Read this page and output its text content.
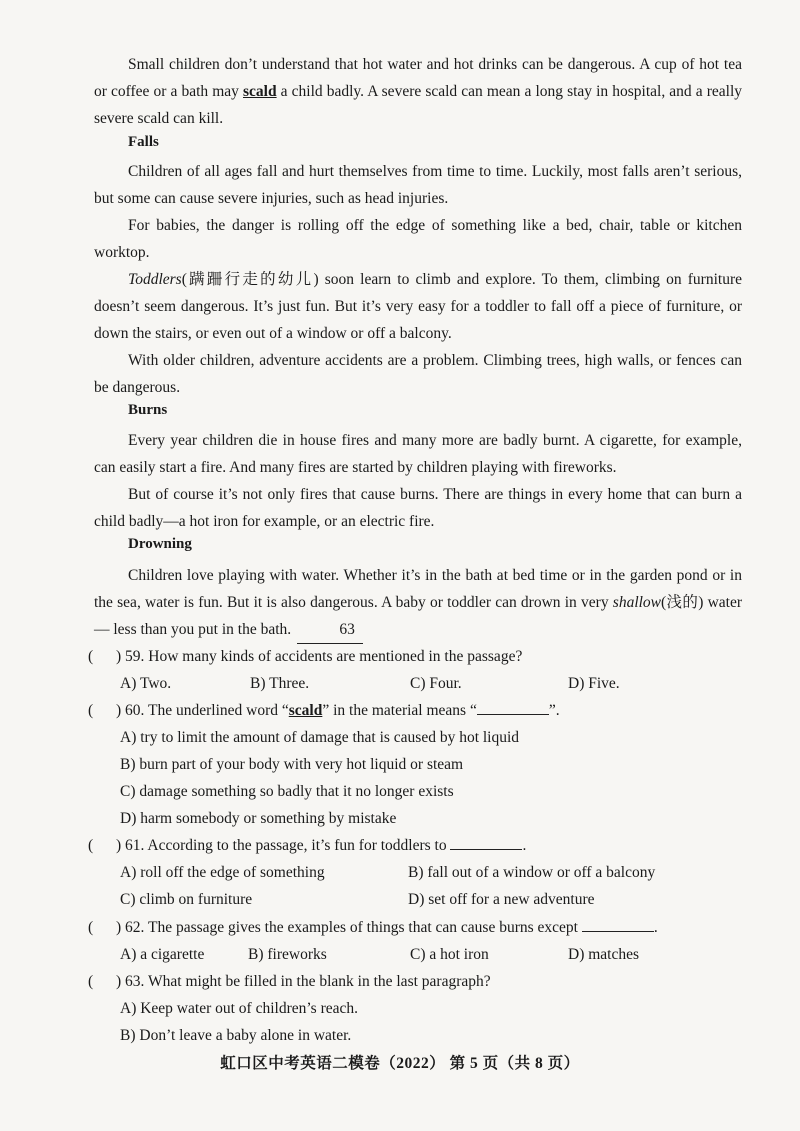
Small children don’t understand that hot water and hot drinks can be dangerous. A cup of hot tea or coffee or a bath may scald a child badly. A severe scald can mean a long stay in hospital, and a really severe scald can kill.

Falls

Children of all ages fall and hurt themselves from time to time. Luckily, most falls aren’t serious, but some can cause severe injuries, such as head injuries.

For babies, the danger is rolling off the edge of something like a bed, chair, table or kitchen worktop.

Toddlers(蹒跚行走的幼儿) soon learn to climb and explore. To them, climbing on furniture doesn’t seem dangerous. It’s just fun. But it’s very easy for a toddler to fall off a piece of furniture, or down the stairs, or even out of a window or off a balcony.

With older children, adventure accidents are a problem. Climbing trees, high walls, or fences can be dangerous.

Burns

Every year children die in house fires and many more are badly burnt. A cigarette, for example, can easily start a fire. And many fires are started by children playing with fireworks.

But of course it’s not only fires that cause burns. There are things in every home that can burn a child badly—a hot iron for example, or an electric fire.

Drowning

Children love playing with water. Whether it’s in the bath at bed time or in the garden pond or in the sea, water is fun. But it is also dangerous. A baby or toddler can drown in very shallow(浅的) water — less than you put in the bath.	63

( ) 59. How many kinds of accidents are mentioned in the passage?

A) Two.	B) Three.	C) Four.	D) Five.

( ) 60. The underlined word “scald” in the material means “	”.

A) try to limit the amount of damage that is caused by hot liquid

B) burn part of your body with very hot liquid or steam

C) damage something so badly that it no longer exists

D) harm somebody or something by mistake

( ) 61. According to the passage, it’s fun for toddlers to	.

A) roll off the edge of something	B) fall out of a window or off a balcony

C) climb on furniture	D) set off for a new adventure

( ) 62. The passage gives the examples of things that can cause burns except	.

A) a cigarette	B) fireworks	C) a hot iron	D) matches

( ) 63. What might be filled in the blank in the last paragraph?

A) Keep water out of children’s reach.

B) Don’t leave a baby alone in water.

虹口区中考英语二模卷（2022） 第 5 页（共 8 页）
